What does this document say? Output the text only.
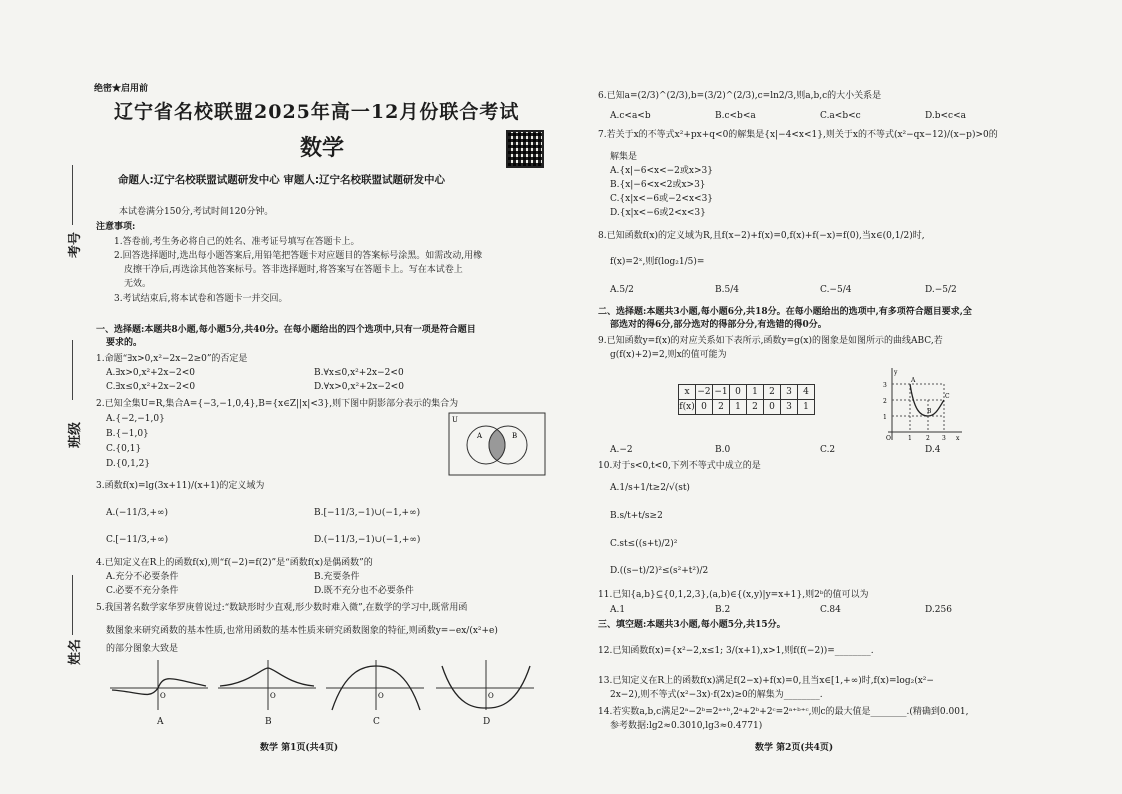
考号
班级
姓名
绝密★启用前
辽宁省名校联盟2025年高一12月份联合考试
数学
命题人:辽宁名校联盟试题研发中心 审题人:辽宁名校联盟试题研发中心
本试卷满分150分,考试时间120分钟。
注意事项:
1.答卷前,考生务必将自己的姓名、准考证号填写在答题卡上。
2.回答选择题时,选出每小题答案后,用铅笔把答题卡对应题目的答案标号涂黑。如需改动,用橡
皮擦干净后,再选涂其他答案标号。答非选择题时,将答案写在答题卡上。写在本试卷上
无效。
3.考试结束后,将本试卷和答题卡一并交回。
一、选择题:本题共8小题,每小题5分,共40分。在每小题给出的四个选项中,只有一项是符合题目
要求的。
1.命题“∃x>0,x²−2x−2≥0”的否定是
A.∃x>0,x²+2x−2<0	B.∀x≤0,x²+2x−2<0
C.∃x≤0,x²+2x−2<0	D.∀x>0,x²+2x−2<0
2.已知全集U=R,集合A={−3,−1,0,4},B={x∈Z||x|<3},则下图中阴影部分表示的集合为
A.{−2,−1,0}
B.{−1,0}
C.{0,1}
D.{0,1,2}
U
A	B
3.函数f(x)=lg(3x+11)/(x+1)的定义域为
A.(−11/3,+∞)	B.[−11/3,−1)∪(−1,+∞)
C.[−11/3,+∞)	D.(−11/3,−1)∪(−1,+∞)
4.已知定义在R上的函数f(x),则“f(−2)=f(2)”是“函数f(x)是偶函数”的
A.充分不必要条件	B.充要条件
C.必要不充分条件	D.既不充分也不必要条件
5.我国著名数学家华罗庚曾说过:“数缺形时少直观,形少数时难入微”,在数学的学习中,既常用函
数图象来研究函数的基本性质,也常用函数的基本性质来研究函数图象的特征,则函数y=−ex/(x²+e)
的部分图象大致是
O	O	O	O
A	B	C	D
数学 第1页(共4页)
6.已知a=(2/3)^(2/3),b=(3/2)^(2/3),c=ln2/3,则a,b,c的大小关系是
A.c<a<b	B.c<b<a	C.a<b<c	D.b<c<a
7.若关于x的不等式x²+px+q<0的解集是{x|−4<x<1},则关于x的不等式(x²−qx−12)/(x−p)>0的
解集是
A.{x|−6<x<−2或x>3}
B.{x|−6<x<2或x>3}
C.{x|x<−6或−2<x<3}
D.{x|x<−6或2<x<3}
8.已知函数f(x)的定义域为R,且f(x−2)+f(x)=0,f(x)+f(−x)=f(0),当x∈(0,1/2)时,
f(x)=2ˣ,则f(log₂1/5)=
A.5/2	B.5/4	C.−5/4	D.−5/2
二、选择题:本题共3小题,每小题6分,共18分。在每小题给出的选项中,有多项符合题目要求,全
部选对的得6分,部分选对的得部分分,有选错的得0分。
9.已知函数y=f(x)的对应关系如下表所示,函数y=g(x)的图象是如图所示的曲线ABC,若
g(f(x)+2)=2,则x的值可能为
x	−2	−1	0	1	2	3	4
f(x)	0	2	1	2	0	3	1
A
B
C
3
2
1
O	1 2 3 x
y
A.−2	B.0	C.2	D.4
10.对于s<0,t<0,下列不等式中成立的是
A.1/s+1/t≥2/√(st)
B.s/t+t/s≥2
C.st≤((s+t)/2)²
D.((s−t)/2)²≤(s²+t²)/2
11.已知{a,b}⊆{0,1,2,3},(a,b)∈{(x,y)|y=x+1},则2ᵇ的值可以为
A.1	B.2	C.84	D.256
三、填空题:本题共3小题,每小题5分,共15分。
12.已知函数f(x)={x²−2,x≤1; 3/(x+1),x>1,则f(f(−2))=________.
13.已知定义在R上的函数f(x)满足f(2−x)+f(x)=0,且当x∈[1,+∞)时,f(x)=log₂(x²−
2x−2),则不等式(x²−3x)·f(2x)≥0的解集为________.
14.若实数a,b,c满足2ᵃ−2ᵇ=2ᵃ⁺ᵇ,2ᵃ+2ᵇ+2ᶜ=2ᵃ⁺ᵇ⁺ᶜ,则c的最大值是________.(精确到0.001,
参考数据:lg2≈0.3010,lg3≈0.4771)
数学 第2页(共4页)
